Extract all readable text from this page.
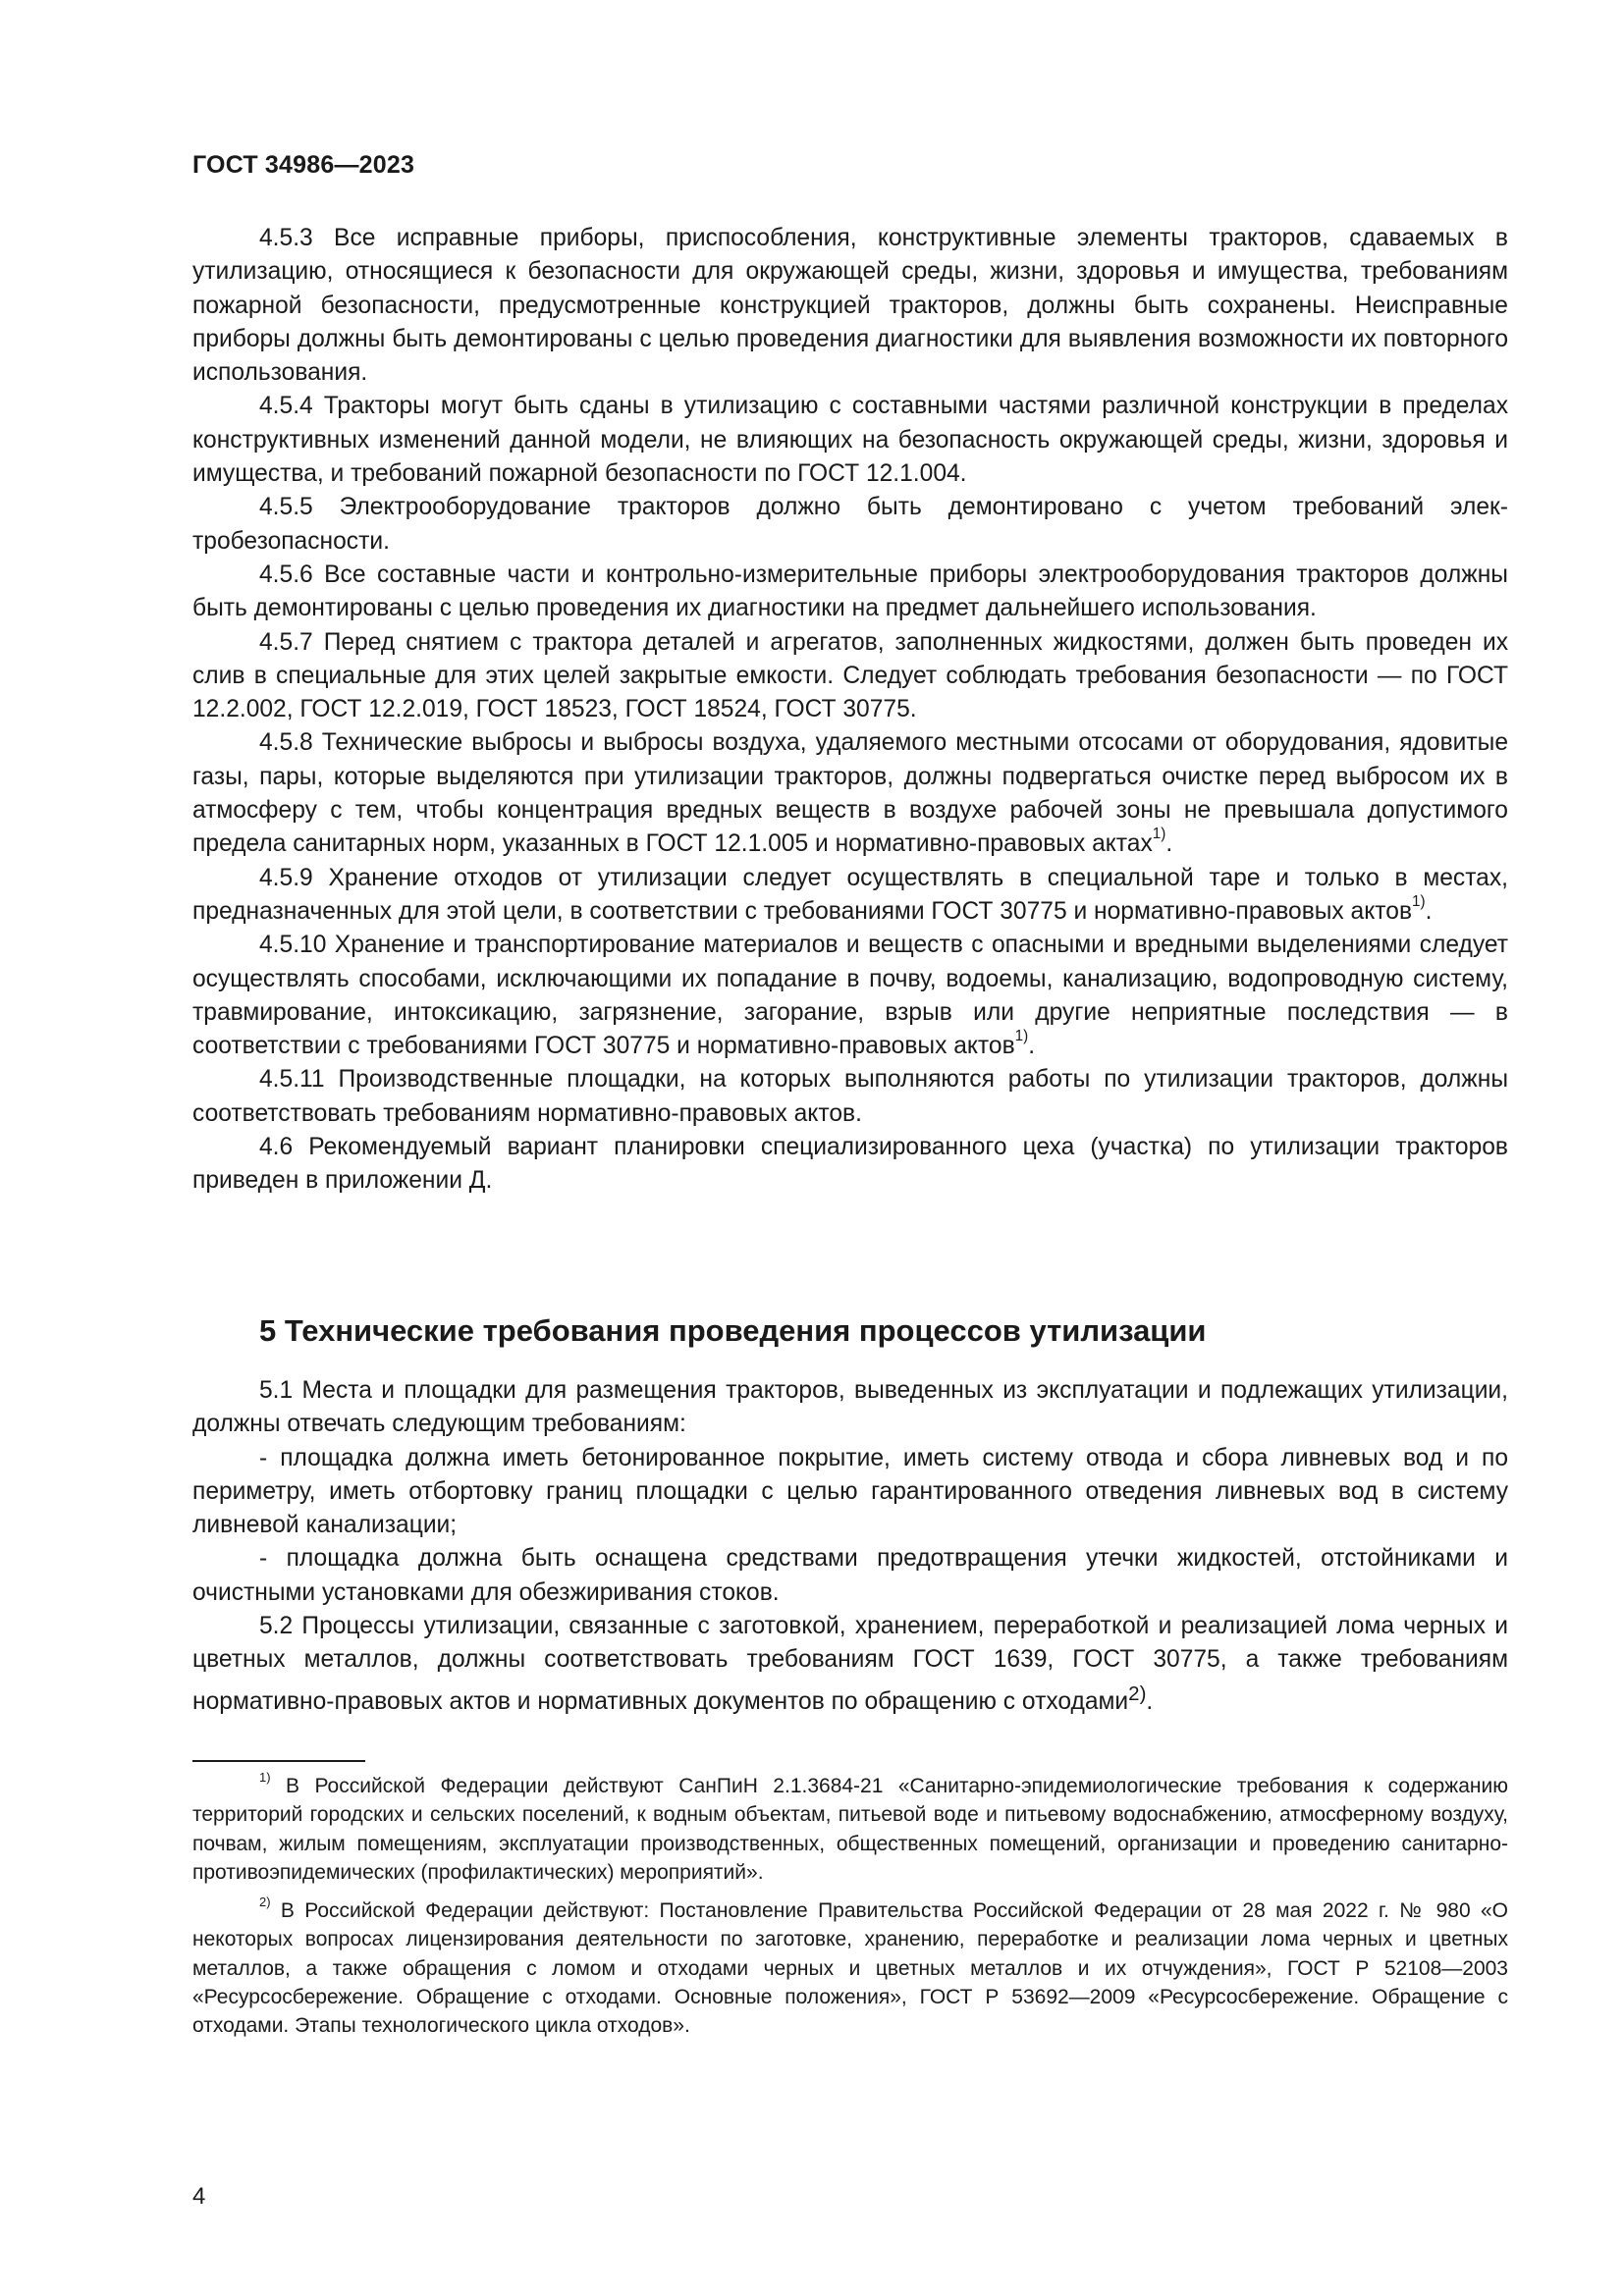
ГОСТ 34986—2023

4.5.3 Все исправные приборы, приспособления, конструктивные элементы тракторов, сдаваемых в утилизацию, относящиеся к безопасности для окружающей среды, жизни, здоровья и имущества, требованиям пожарной безопасности, предусмотренные конструкцией тракторов, должны быть сохранены. Неисправные приборы должны быть демонтированы с целью проведения диагностики для выявления возможности их повторного использования.

4.5.4 Тракторы могут быть сданы в утилизацию с составными частями различной конструкции в пределах конструктивных изменений данной модели, не влияющих на безопасность окружающей среды, жизни, здоровья и имущества, и требований пожарной безопасности по ГОСТ 12.1.004.

4.5.5 Электрооборудование тракторов должно быть демонтировано с учетом требований электробезопасности.

4.5.6 Все составные части и контрольно-измерительные приборы электрооборудования тракторов должны быть демонтированы с целью проведения их диагностики на предмет дальнейшего использования.

4.5.7 Перед снятием с трактора деталей и агрегатов, заполненных жидкостями, должен быть проведен их слив в специальные для этих целей закрытые емкости. Следует соблюдать требования безопасности — по ГОСТ 12.2.002, ГОСТ 12.2.019, ГОСТ 18523, ГОСТ 18524, ГОСТ 30775.

4.5.8 Технические выбросы и выбросы воздуха, удаляемого местными отсосами от оборудования, ядовитые газы, пары, которые выделяются при утилизации тракторов, должны подвергаться очистке перед выбросом их в атмосферу с тем, чтобы концентрация вредных веществ в воздухе рабочей зоны не превышала допустимого предела санитарных норм, указанных в ГОСТ 12.1.005 и нормативно-правовых актах$^{1)}$.

4.5.9 Хранение отходов от утилизации следует осуществлять в специальной таре и только в местах, предназначенных для этой цели, в соответствии с требованиями ГОСТ 30775 и нормативно-правовых актов$^{1)}$.

4.5.10 Хранение и транспортирование материалов и веществ с опасными и вредными выделениями следует осуществлять способами, исключающими их попадание в почву, водоемы, канализацию, водопроводную систему, травмирование, интоксикацию, загрязнение, загорание, взрыв или другие неприятные последствия — в соответствии с требованиями ГОСТ 30775 и нормативно-правовых актов$^{1)}$.

4.5.11 Производственные площадки, на которых выполняются работы по утилизации тракторов, должны соответствовать требованиям нормативно-правовых актов.

4.6 Рекомендуемый вариант планировки специализированного цеха (участка) по утилизации тракторов приведен в приложении Д.

5 Технические требования проведения процессов утилизации

5.1 Места и площадки для размещения тракторов, выведенных из эксплуатации и подлежащих утилизации, должны отвечать следующим требованиям:

- площадка должна иметь бетонированное покрытие, иметь систему отвода и сбора ливневых вод и по периметру, иметь отбортовку границ площадки с целью гарантированного отведения ливневых вод в систему ливневой канализации;

- площадка должна быть оснащена средствами предотвращения утечки жидкостей, отстойниками и очистными установками для обезжиривания стоков.

5.2 Процессы утилизации, связанные с заготовкой, хранением, переработкой и реализацией лома черных и цветных металлов, должны соответствовать требованиям ГОСТ 1639, ГОСТ 30775, а также требованиям нормативно-правовых актов и нормативных документов по обращению с отходами$^{2)}$.

$^{1)}$ В Российской Федерации действуют СанПиН 2.1.3684-21 «Санитарно-эпидемиологические требования к содержанию территорий городских и сельских поселений, к водным объектам, питьевой воде и питьевому водоснабжению, атмосферному воздуху, почвам, жилым помещениям, эксплуатации производственных, общественных помещений, организации и проведению санитарно-противоэпидемических (профилактических) мероприятий».

$^{2)}$ В Российской Федерации действуют: Постановление Правительства Российской Федерации от 28 мая 2022 г. № 980 «О некоторых вопросах лицензирования деятельности по заготовке, хранению, переработке и реализации лома черных и цветных металлов, а также обращения с ломом и отходами черных и цветных металлов и их отчуждения», ГОСТ Р 52108—2003 «Ресурсосбережение. Обращение с отходами. Основные положения», ГОСТ Р 53692—2009 «Ресурсосбережение. Обращение с отходами. Этапы технологического цикла отходов».

4
